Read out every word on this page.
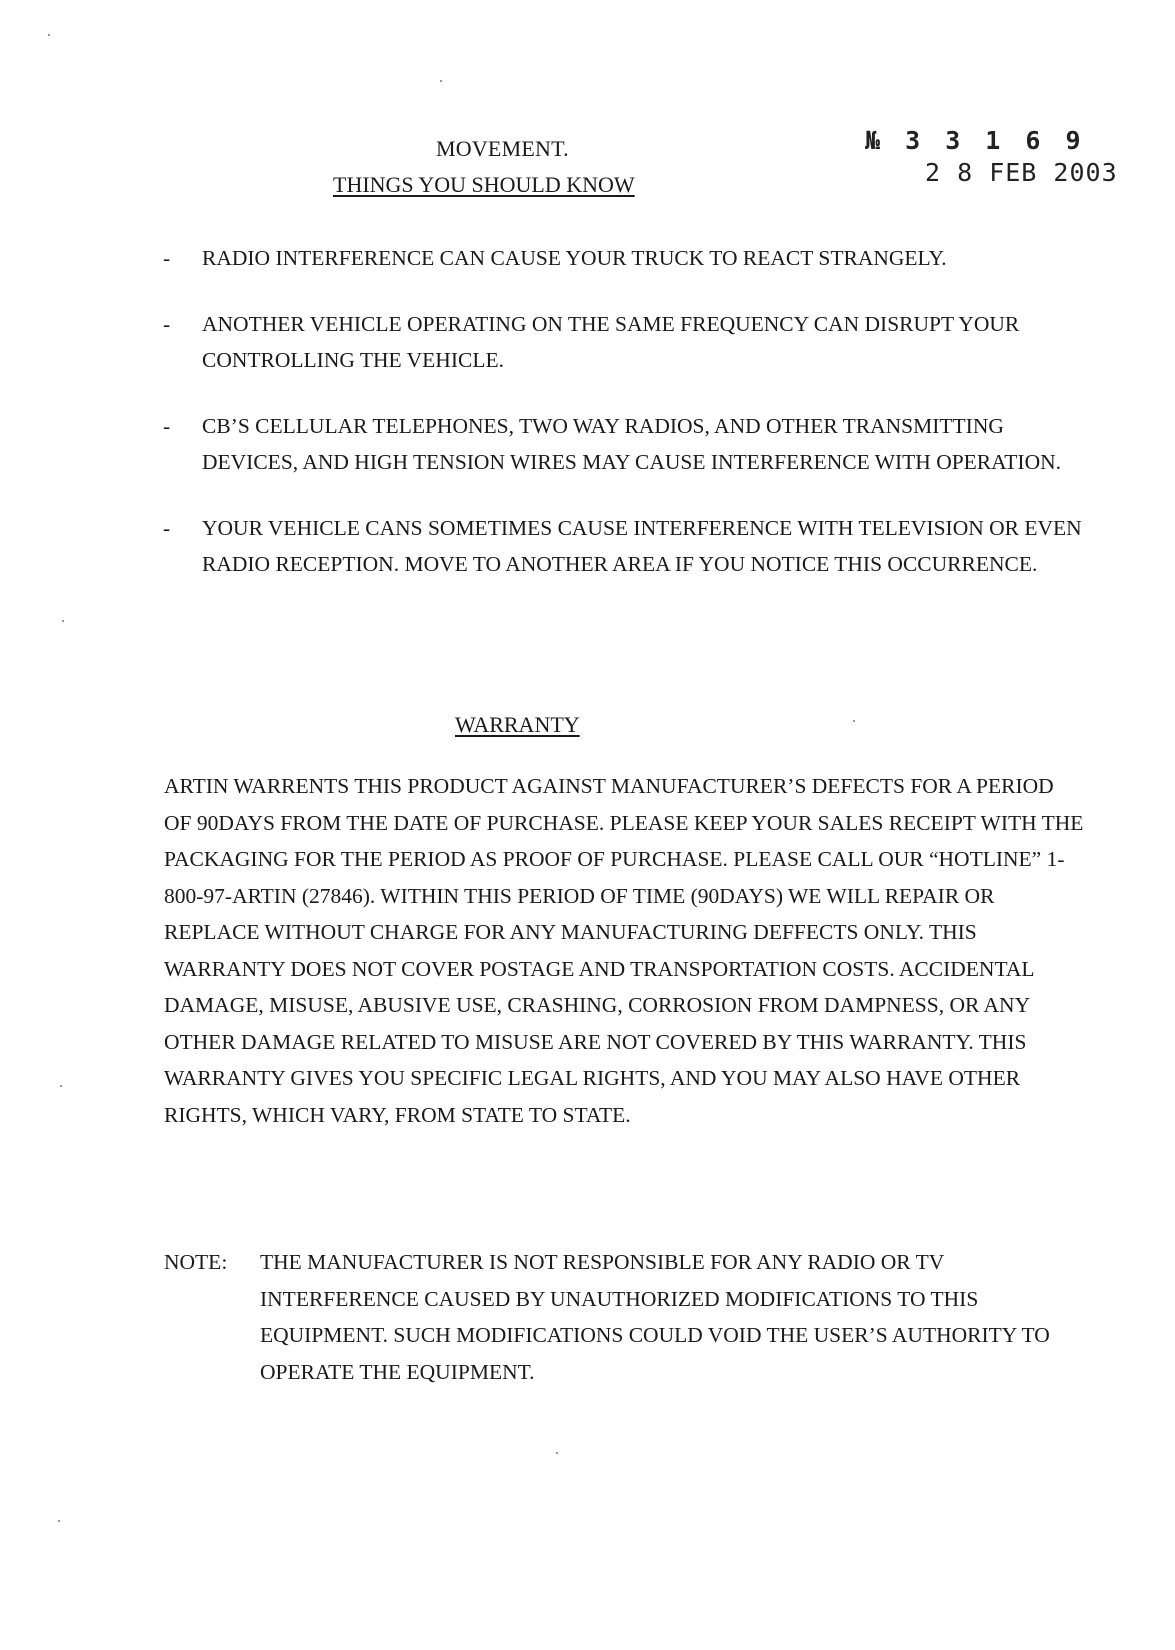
MOVEMENT.
THINGS YOU SHOULD KNOW
№ 3 3 1 6 9
2 8 FEB 2003
- RADIO INTERFERENCE CAN CAUSE YOUR TRUCK TO REACT STRANGELY.
- ANOTHER VEHICLE OPERATING ON THE SAME FREQUENCY CAN DISRUPT YOUR CONTROLLING THE VEHICLE.
- CB’S CELLULAR TELEPHONES, TWO WAY RADIOS, AND OTHER TRANSMITTING DEVICES, AND HIGH TENSION WIRES MAY CAUSE INTERFERENCE WITH OPERATION.
- YOUR VEHICLE CANS SOMETIMES CAUSE INTERFERENCE WITH TELEVISION OR EVEN RADIO RECEPTION. MOVE TO ANOTHER AREA IF YOU NOTICE THIS OCCURRENCE.
WARRANTY

ARTIN WARRENTS THIS PRODUCT AGAINST MANUFACTURER’S DEFECTS FOR A PERIOD OF 90DAYS FROM THE DATE OF PURCHASE. PLEASE KEEP YOUR SALES RECEIPT WITH THE PACKAGING FOR THE PERIOD AS PROOF OF PURCHASE. PLEASE CALL OUR “HOTLINE” 1-800-97-ARTIN (27846). WITHIN THIS PERIOD OF TIME (90DAYS) WE WILL REPAIR OR REPLACE WITHOUT CHARGE FOR ANY MANUFACTURING DEFFECTS ONLY. THIS WARRANTY DOES NOT COVER POSTAGE AND TRANSPORTATION COSTS. ACCIDENTAL DAMAGE, MISUSE, ABUSIVE USE, CRASHING, CORROSION FROM DAMPNESS, OR ANY OTHER DAMAGE RELATED TO MISUSE ARE NOT COVERED BY THIS WARRANTY. THIS WARRANTY GIVES YOU SPECIFIC LEGAL RIGHTS, AND YOU MAY ALSO HAVE OTHER RIGHTS, WHICH VARY, FROM STATE TO STATE.

NOTE: THE MANUFACTURER IS NOT RESPONSIBLE FOR ANY RADIO OR TV INTERFERENCE CAUSED BY UNAUTHORIZED MODIFICATIONS TO THIS EQUIPMENT. SUCH MODIFICATIONS COULD VOID THE USER’S AUTHORITY TO OPERATE THE EQUIPMENT.
